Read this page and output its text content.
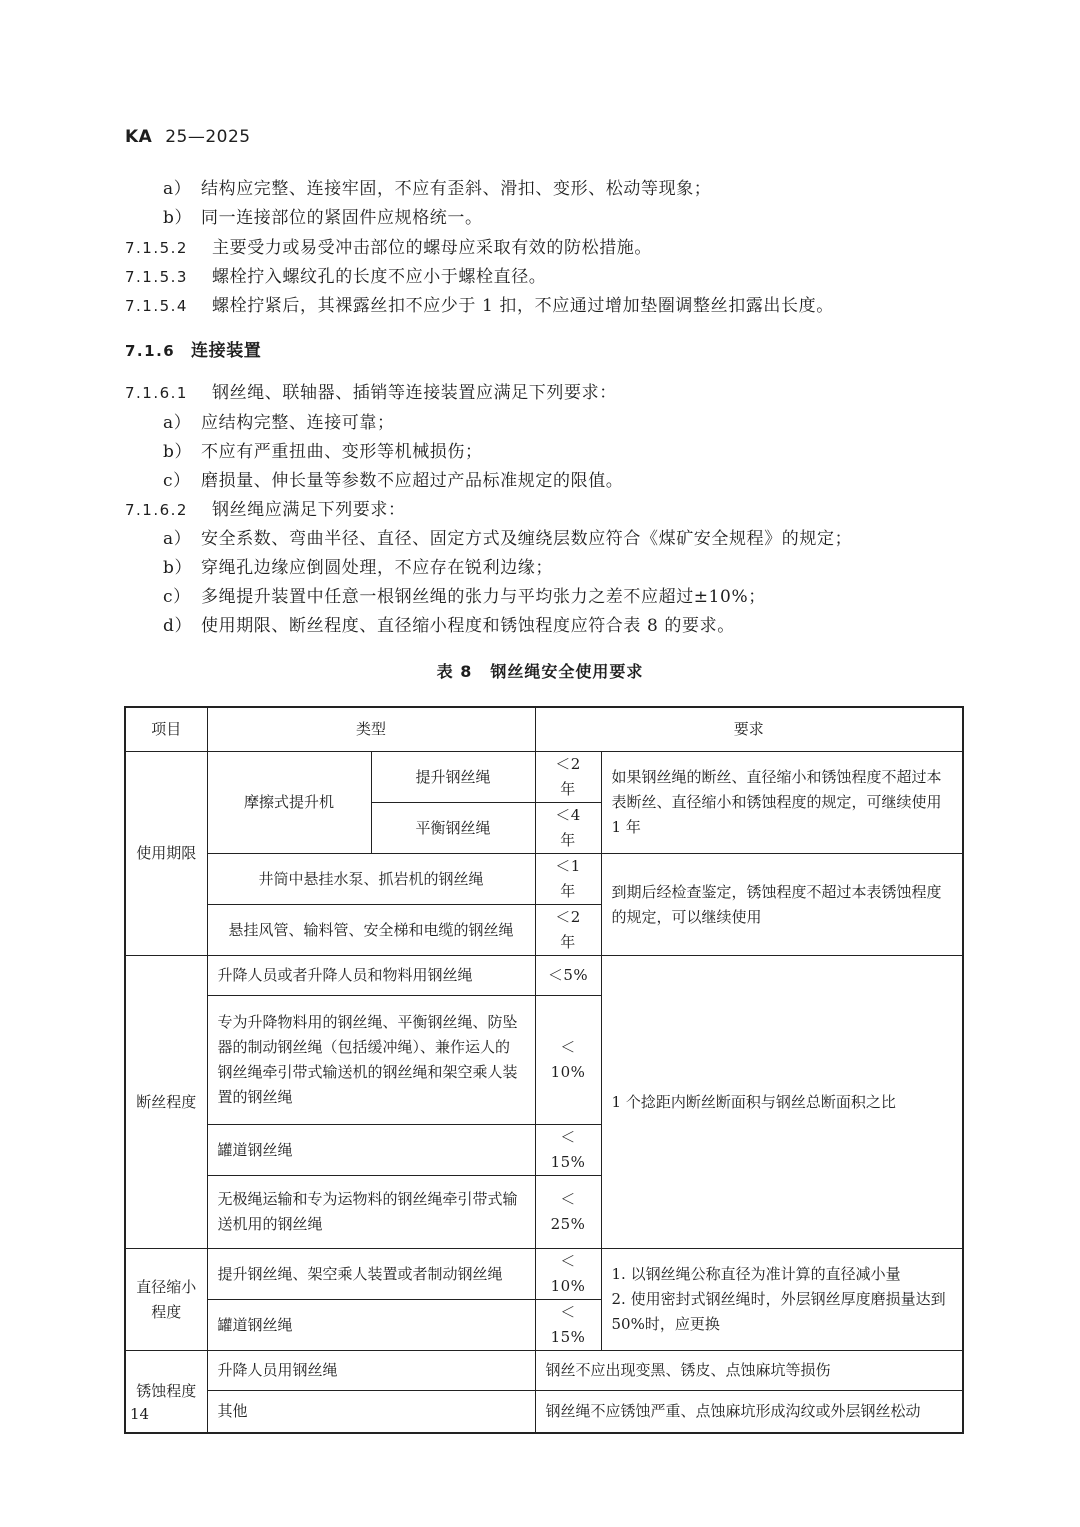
KA 25—2025
a） 结构应完整、连接牢固，不应有歪斜、滑扣、变形、松动等现象；
b） 同一连接部位的紧固件应规格统一。
7.1.5.2 主要受力或易受冲击部位的螺母应采取有效的防松措施。
7.1.5.3 螺栓拧入螺纹孔的长度不应小于螺栓直径。
7.1.5.4 螺栓拧紧后，其裸露丝扣不应少于 1 扣，不应通过增加垫圈调整丝扣露出长度。
7.1.6 连接装置
7.1.6.1 钢丝绳、联轴器、插销等连接装置应满足下列要求：
a） 应结构完整、连接可靠；
b） 不应有严重扭曲、变形等机械损伤；
c） 磨损量、伸长量等参数不应超过产品标准规定的限值。
7.1.6.2 钢丝绳应满足下列要求：
a） 安全系数、弯曲半径、直径、固定方式及缠绕层数应符合《煤矿安全规程》的规定；
b） 穿绳孔边缘应倒圆处理，不应存在锐利边缘；
c） 多绳提升装置中任意一根钢丝绳的张力与平均张力之差不应超过±10%；
d） 使用期限、断丝程度、直径缩小程度和锈蚀程度应符合表 8 的要求。
表 8 钢丝绳安全使用要求
项目	类型		要求	
使用期限	摩擦式提升机	提升钢丝绳	＜2 年	如果钢丝绳的断丝、直径缩小和锈蚀程度不超过本表断丝、直径缩小和锈蚀程度的规定，可继续使用 1 年
		平衡钢丝绳	＜4 年	
	井筒中悬挂水泵、抓岩机的钢丝绳		＜1 年	到期后经检查鉴定，锈蚀程度不超过本表锈蚀程度的规定，可以继续使用
	悬挂风管、输料管、安全梯和电缆的钢丝绳		＜2 年	
断丝程度	升降人员或者升降人员和物料用钢丝绳		＜5%	1 个捻距内断丝断面积与钢丝总断面积之比
	专为升降物料用的钢丝绳、平衡钢丝绳、防坠器的制动钢丝绳（包括缓冲绳）、兼作运人的钢丝绳牵引带式输送机的钢丝绳和架空乘人装置的钢丝绳		＜10%	
	罐道钢丝绳		＜15%	
	无极绳运输和专为运物料的钢丝绳牵引带式输送机用的钢丝绳		＜25%	
直径缩小程度	提升钢丝绳、架空乘人装置或者制动钢丝绳		＜10%	1. 以钢丝绳公称直径为准计算的直径减小量
2. 使用密封式钢丝绳时，外层钢丝厚度磨损量达到 50%时，应更换

	罐道钢丝绳		＜15%	
锈蚀程度	升降人员用钢丝绳		钢丝不应出现变黑、锈皮、点蚀麻坑等损伤	
	其他		钢丝绳不应锈蚀严重、点蚀麻坑形成沟纹或外层钢丝松动	
14
